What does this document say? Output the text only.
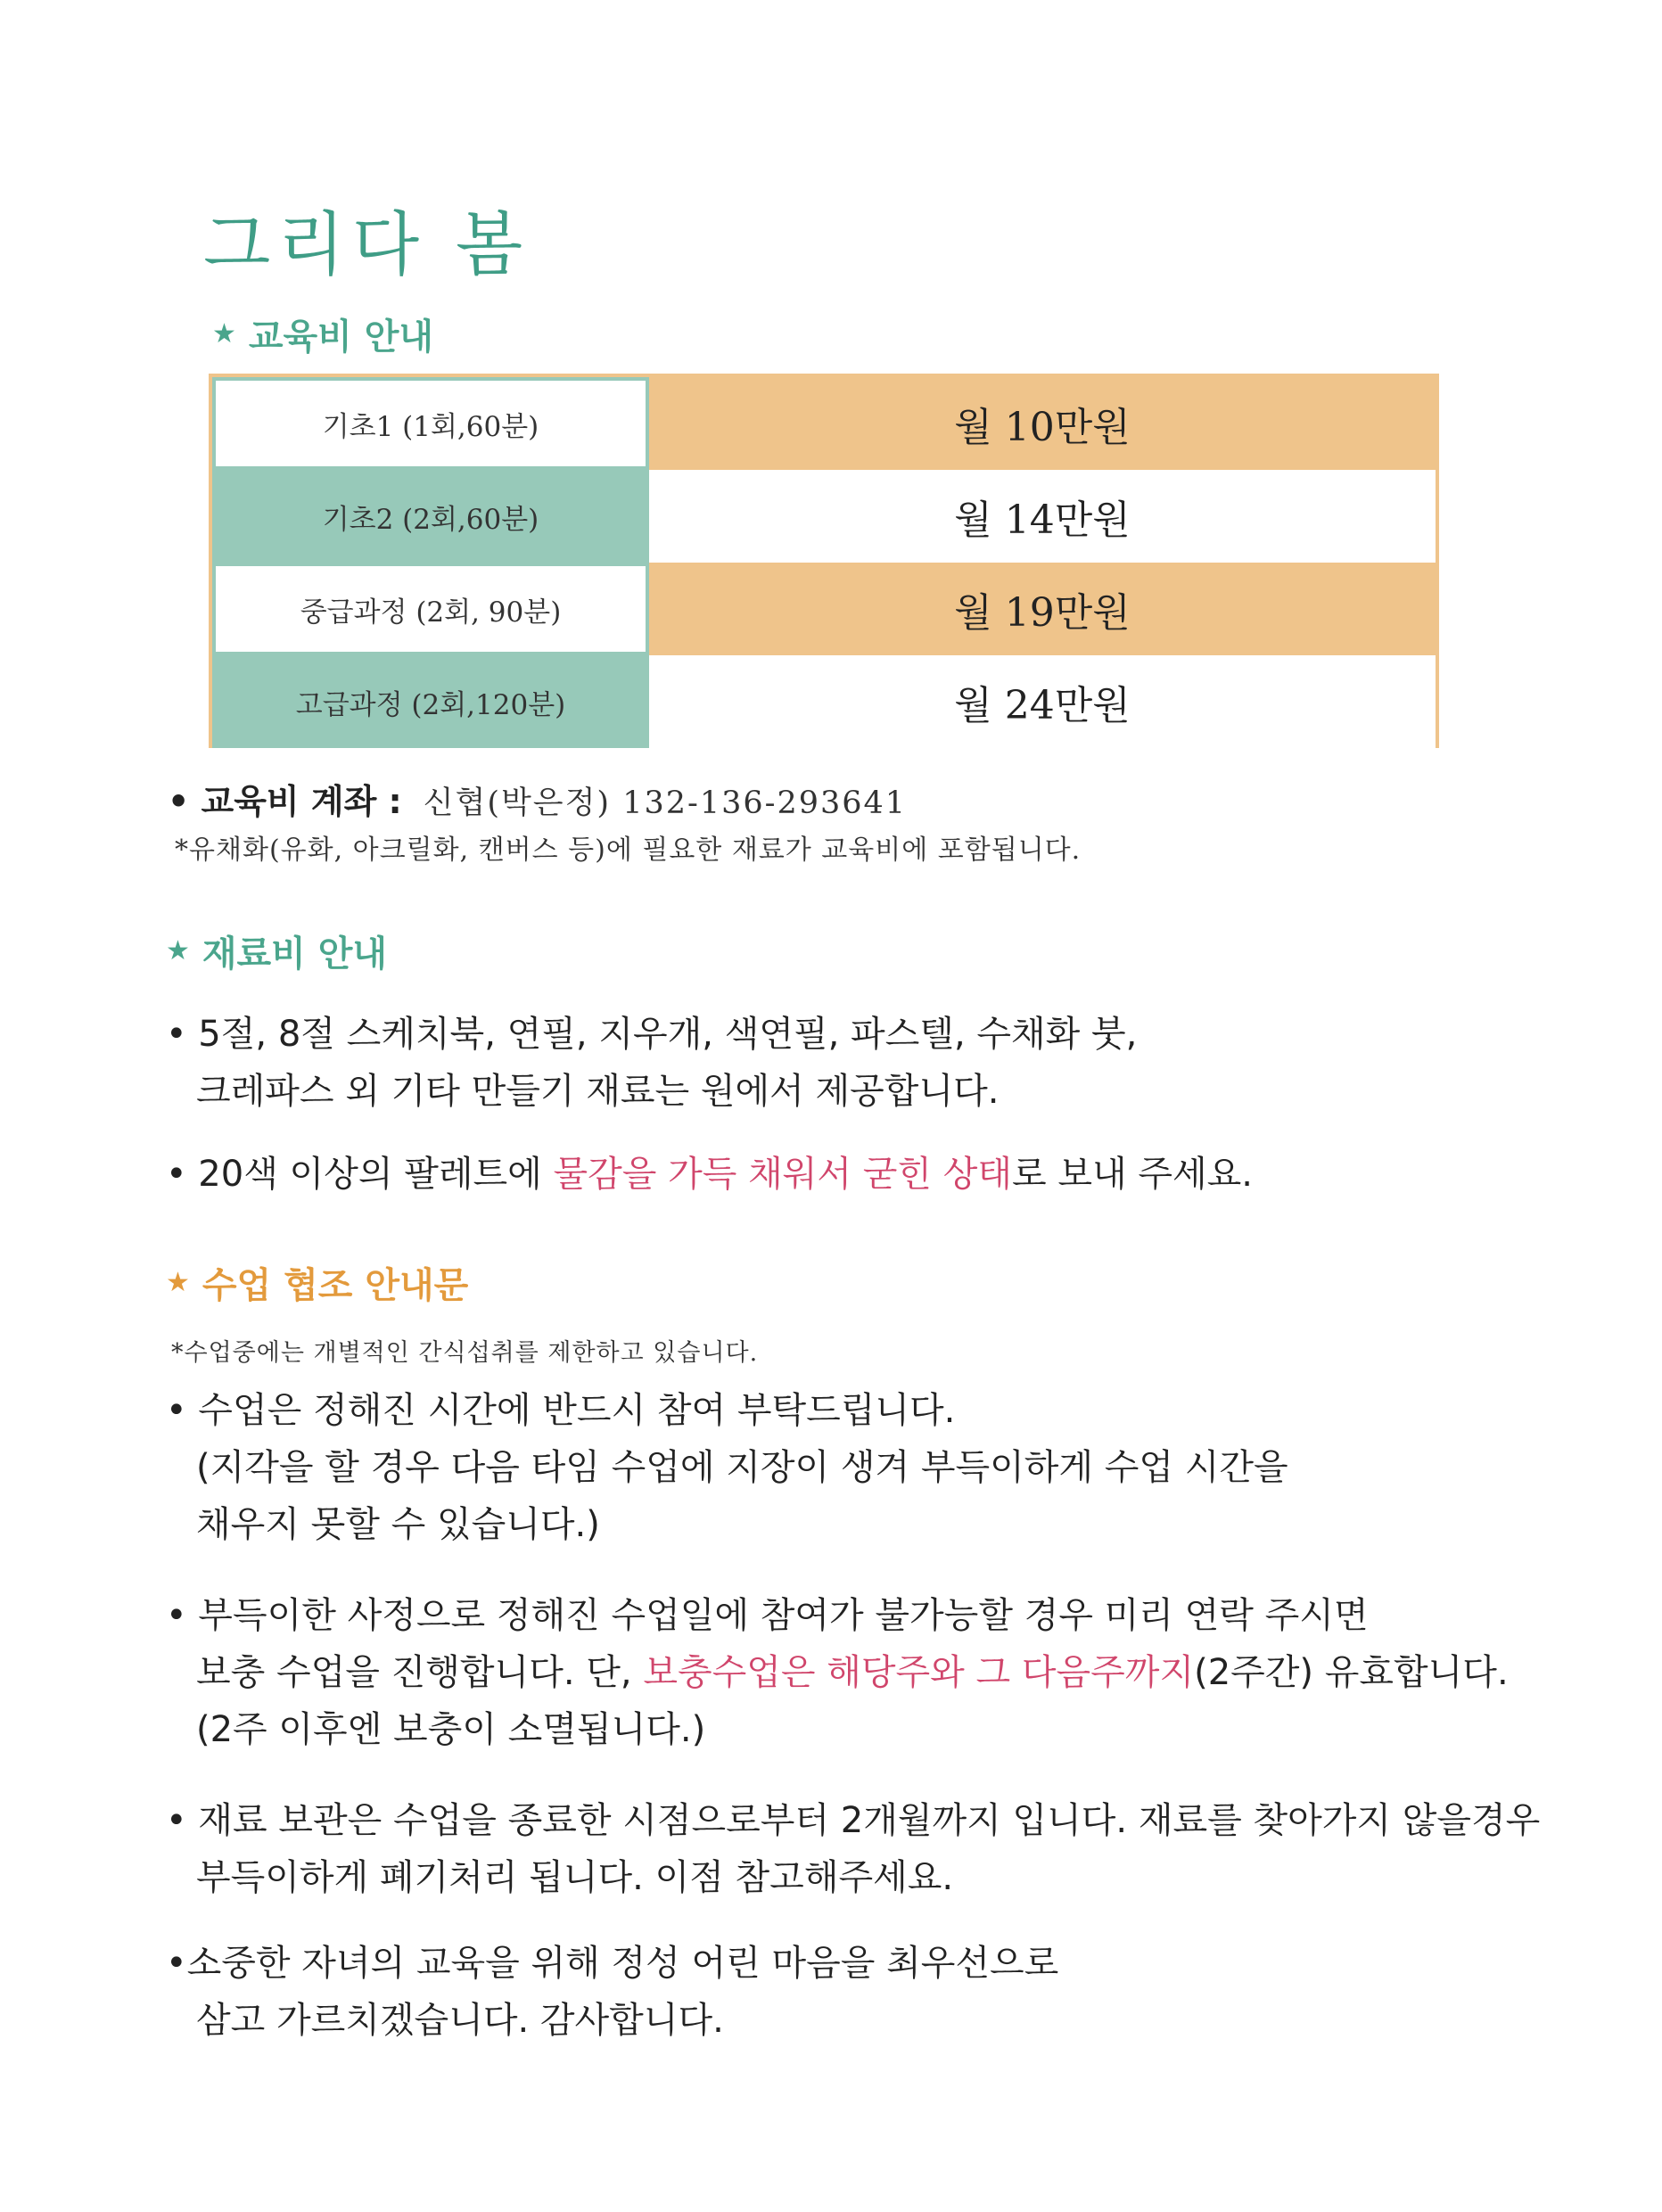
그리다 봄
★ 교육비 안내
기초1 (1회,60분)	월 10만원
기초2 (2회,60분)	월 14만원
중급과정 (2회, 90분)	월 19만원
고급과정 (2회,120분)	월 24만원
• 교육비 계좌 : 신협(박은정) 132-136-293641
*유채화(유화, 아크릴화, 캔버스 등)에 필요한 재료가 교육비에 포함됩니다.
★ 재료비 안내
• 5절, 8절 스케치북, 연필, 지우개, 색연필, 파스텔, 수채화 붓,
크레파스 외 기타 만들기 재료는 원에서 제공합니다.
• 20색 이상의 팔레트에 물감을 가득 채워서 굳힌 상태로 보내 주세요.
★ 수업 협조 안내문
*수업중에는 개별적인 간식섭취를 제한하고 있습니다.
• 수업은 정해진 시간에 반드시 참여 부탁드립니다.
(지각을 할 경우 다음 타임 수업에 지장이 생겨 부득이하게 수업 시간을
채우지 못할 수 있습니다.)
• 부득이한 사정으로 정해진 수업일에 참여가 불가능할 경우 미리 연락 주시면
보충 수업을 진행합니다. 단, 보충수업은 해당주와 그 다음주까지(2주간) 유효합니다.
(2주 이후엔 보충이 소멸됩니다.)
• 재료 보관은 수업을 종료한 시점으로부터 2개월까지 입니다. 재료를 찾아가지 않을경우
부득이하게 폐기처리 됩니다. 이점 참고해주세요.
•소중한 자녀의 교육을 위해 정성 어린 마음을 최우선으로
삼고 가르치겠습니다. 감사합니다.
